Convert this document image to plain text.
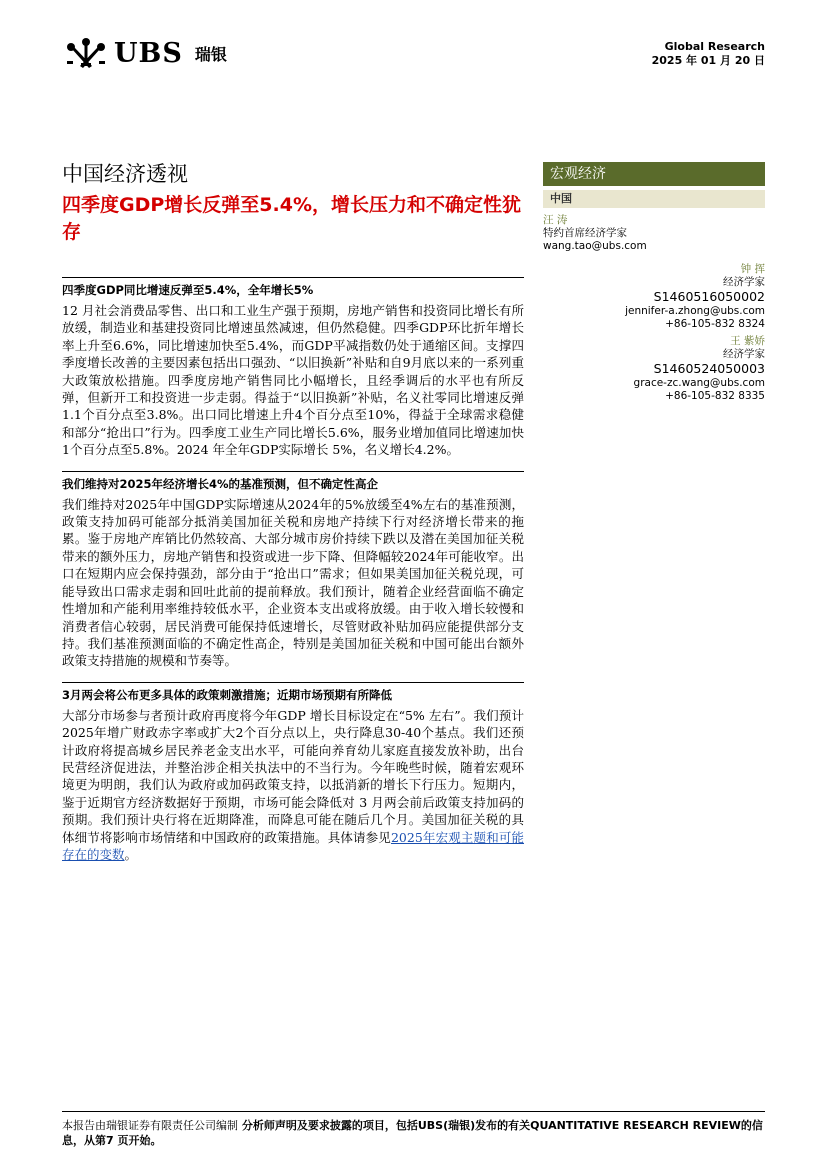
UBS 瑞银	Global Research
2025 年 01 月 20 日
中国经济透视
四季度GDP增长反弹至5.4%，增长压力和不确定性犹存
宏观经济
中国
汪 涛
特约首席经济学家
wang.tao@ubs.com
钟 挥
经济学家
S1460516050002
jennifer-a.zhong@ubs.com
+86-105-832 8324
王 紫娇
经济学家
S1460524050003
grace-zc.wang@ubs.com
+86-105-832 8335
四季度GDP同比增速反弹至5.4%，全年增长5%

12 月社会消费品零售、出口和工业生产强于预期，房地产销售和投资同比增长有所放缓，制造业和基建投资同比增速虽然减速，但仍然稳健。四季GDP环比折年增长率上升至6.6%，同比增速加快至5.4%，而GDP平减指数仍处于通缩区间。支撑四季度增长改善的主要因素包括出口强劲、“以旧换新”补贴和自9月底以来的一系列重大政策放松措施。四季度房地产销售同比小幅增长，且经季调后的水平也有所反弹，但新开工和投资进一步走弱。得益于“以旧换新”补贴，名义社零同比增速反弹1.1个百分点至3.8%。出口同比增速上升4个百分点至10%，得益于全球需求稳健和部分“抢出口”行为。四季度工业生产同比增长5.6%，服务业增加值同比增速加快1个百分点至5.8%。2024 年全年GDP实际增长 5%，名义增长4.2%。

我们维持对2025年经济增长4%的基准预测，但不确定性高企

我们维持对2025年中国GDP实际增速从2024年的5%放缓至4%左右的基准预测，政策支持加码可能部分抵消美国加征关税和房地产持续下行对经济增长带来的拖累。鉴于房地产库销比仍然较高、大部分城市房价持续下跌以及潜在美国加征关税带来的额外压力，房地产销售和投资或进一步下降、但降幅较2024年可能收窄。出口在短期内应会保持强劲，部分由于“抢出口”需求；但如果美国加征关税兑现，可能导致出口需求走弱和回吐此前的提前释放。我们预计，随着企业经营面临不确定性增加和产能利用率维持较低水平，企业资本支出或将放缓。由于收入增长较慢和消费者信心较弱，居民消费可能保持低速增长，尽管财政补贴加码应能提供部分支持。我们基准预测面临的不确定性高企，特别是美国加征关税和中国可能出台额外政策支持措施的规模和节奏等。

3月两会将公布更多具体的政策刺激措施；近期市场预期有所降低

大部分市场参与者预计政府再度将今年GDP 增长目标设定在“5% 左右”。我们预计2025年增广财政赤字率或扩大2个百分点以上，央行降息30-40个基点。我们还预计政府将提高城乡居民养老金支出水平，可能向养育幼儿家庭直接发放补助，出台民营经济促进法，并整治涉企相关执法中的不当行为。今年晚些时候，随着宏观环境更为明朗，我们认为政府或加码政策支持，以抵消新的增长下行压力。短期内，鉴于近期官方经济数据好于预期，市场可能会降低对 3 月两会前后政策支持加码的预期。我们预计央行将在近期降准，而降息可能在随后几个月。美国加征关税的具体细节将影响市场情绪和中国政府的政策措施。具体请参见2025年宏观主题和可能存在的变数。

本报告由瑞银证券有限责任公司编制 分析师声明及要求披露的项目，包括UBS(瑞银)发布的有关QUANTITATIVE RESEARCH REVIEW的信息，从第7 页开始。
